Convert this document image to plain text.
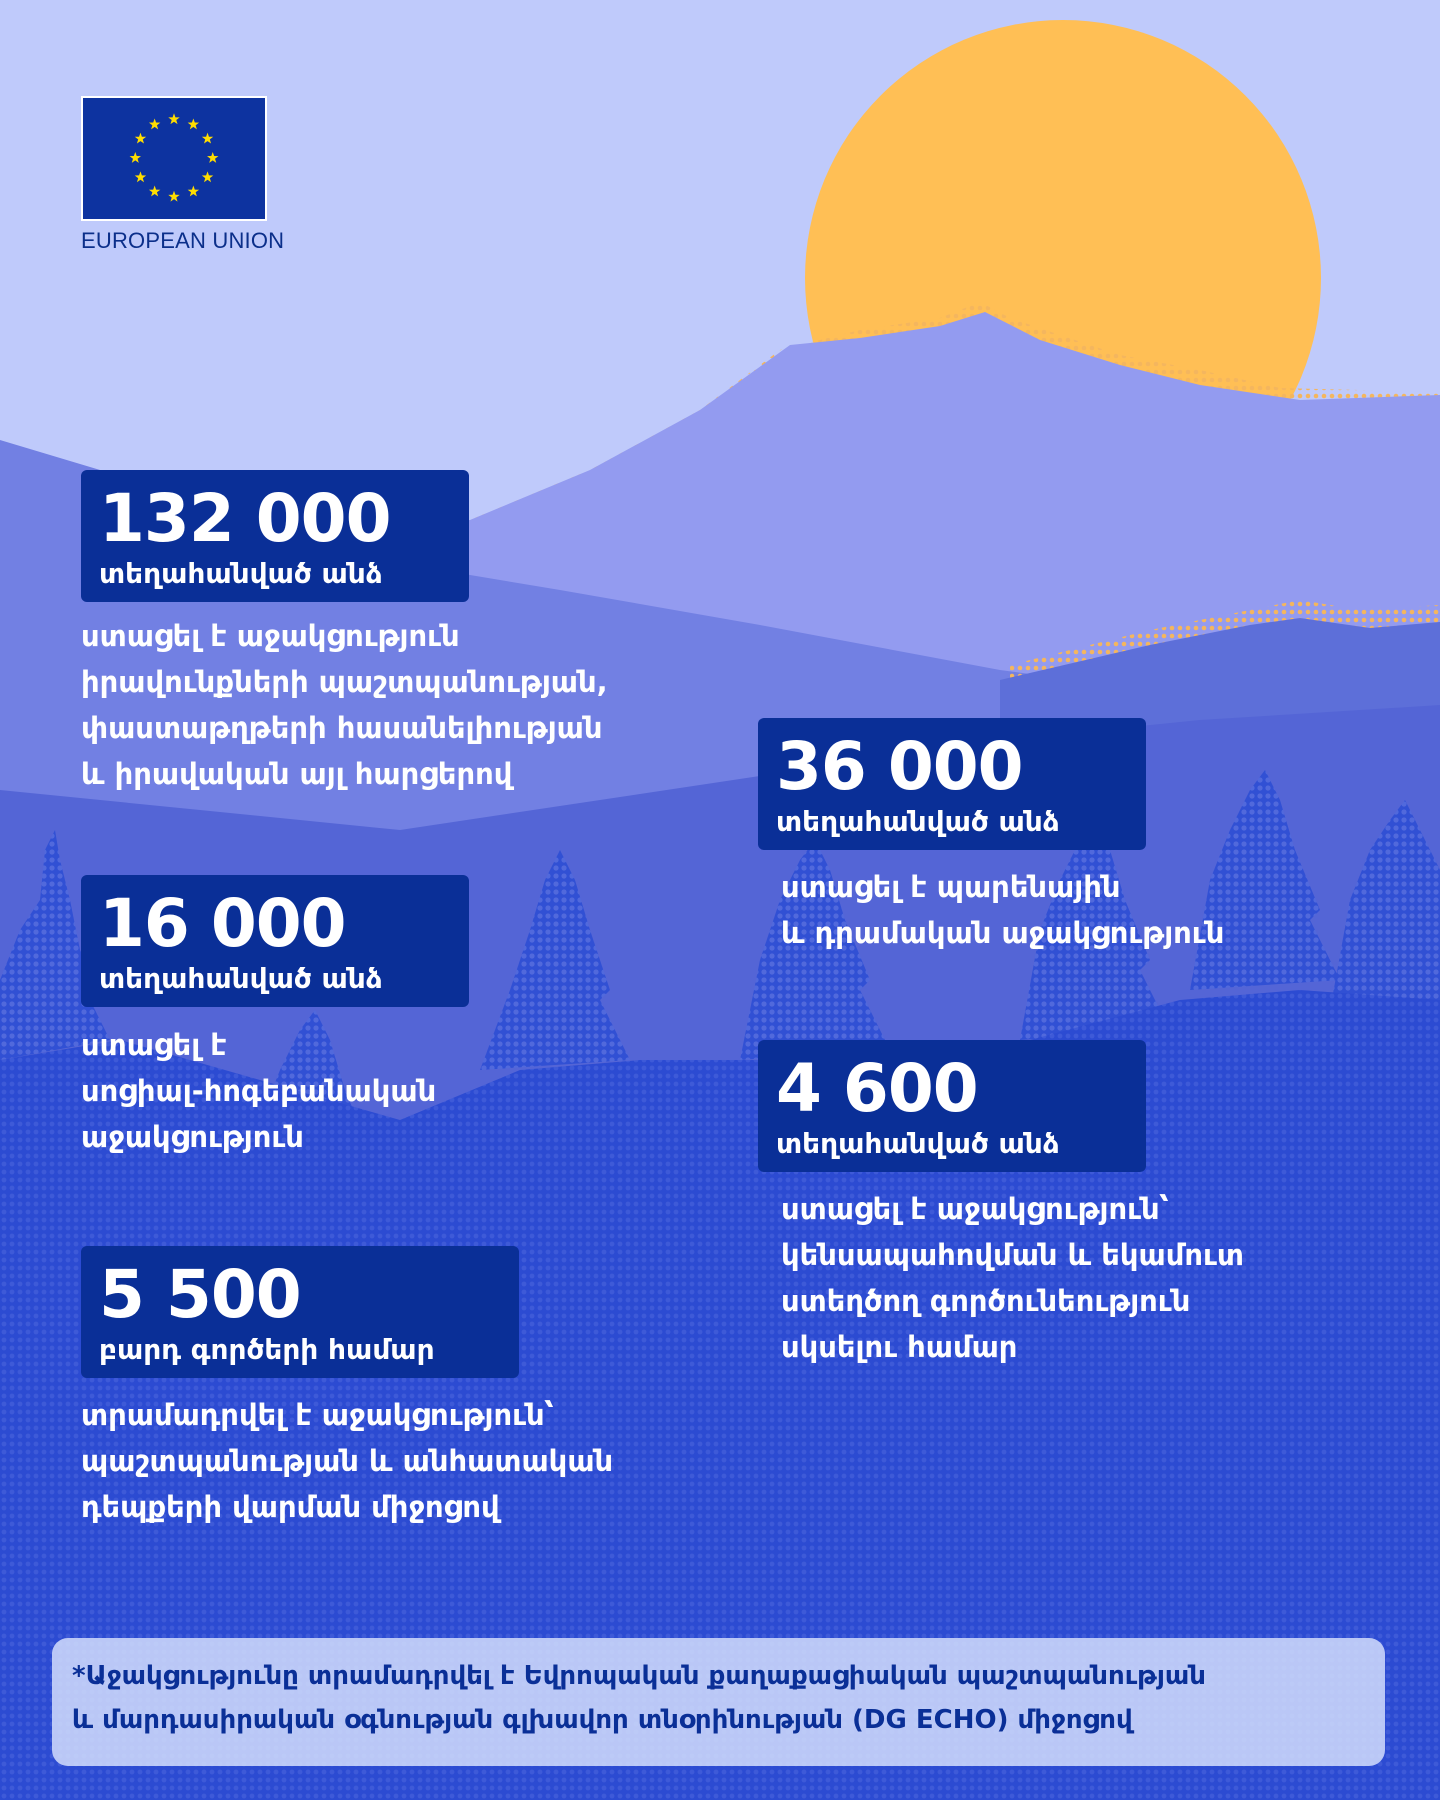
EUROPEAN UNION
132 000
տեղահանված անձ

ստացել է աջակցություն
իրավունքների պաշտպանության,
փաստաթղթերի հասանելիության
և իրավական այլ հարցերով	36 000
տեղահանված անձ

ստացել է պարենային
և դրամական աջակցություն

16 000
տեղահանված անձ

ստացել է
սոցիալ-հոգեբանական
աջակցություն

4 600
տեղահանված անձ

ստացել է աջակցություն՝
կենսապահովման և եկամուտ
ստեղծող գործունեություն
սկսելու համար

5 500
բարդ գործերի համար

տրամադրվել է աջակցություն՝
պաշտպանության և անհատական
դեպքերի վարման միջոցով

*Աջակցությունը տրամադրվել է Եվրոպական քաղաքացիական պաշտպանության
և մարդասիրական օգնության գլխավոր տնօրինության (DG ECHO) միջոցով
